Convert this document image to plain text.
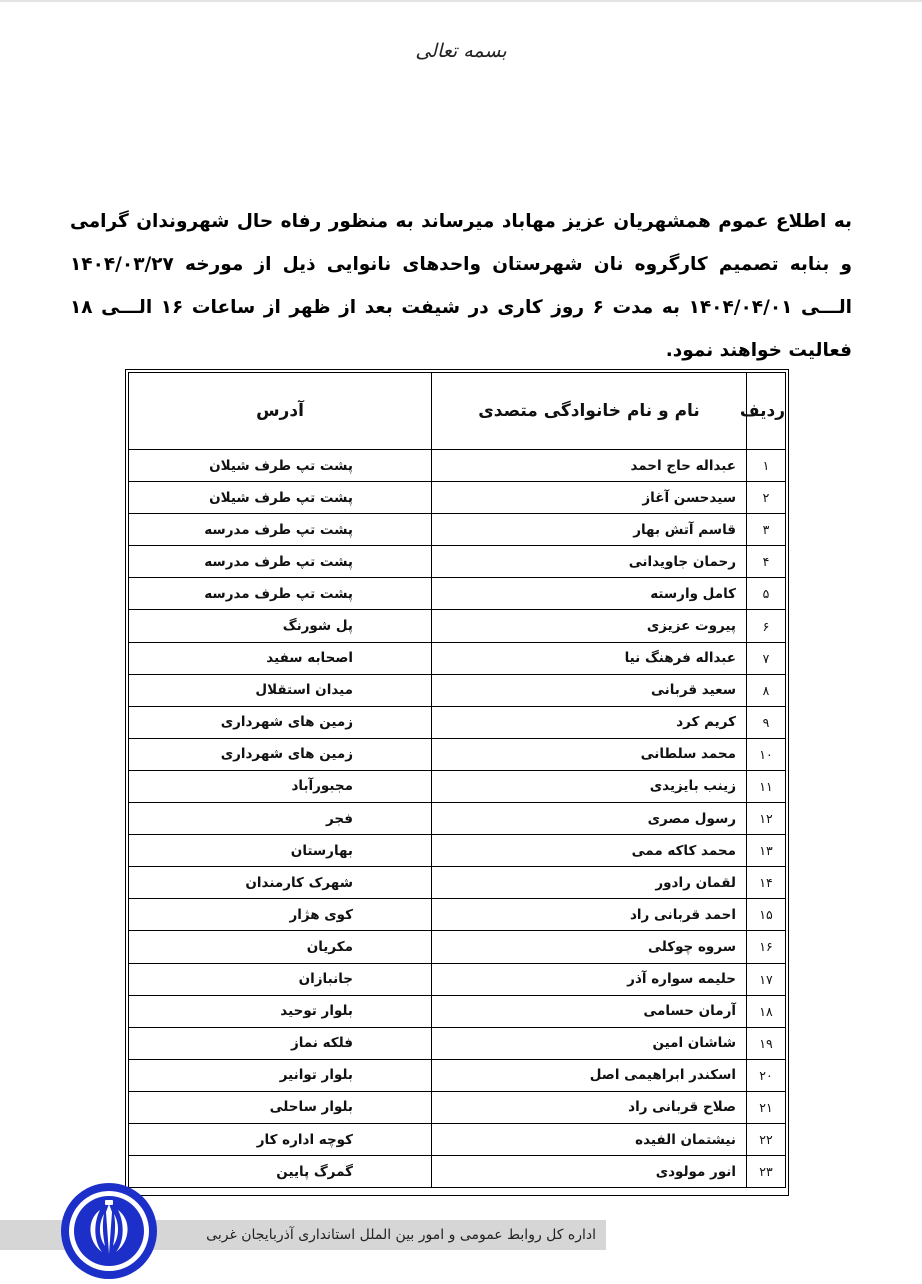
بسمه تعالی
به اطلاع عموم همشهریان عزیز مهاباد میرساند به منظور رفاه حال شهروندان گرامی و بنابه تصمیم کارگروه نان شهرستان واحدهای نانوایی ذیل از مورخه ۱۴۰۴/۰۳/۲۷ الـــی ۱۴۰۴/۰۴/۰۱ به مدت ۶ روز کاری در شیفت بعد از ظهر از ساعات ۱۶ الـــی ۱۸ فعالیت خواهند نمود.
ردیف	نام و نام خانوادگی متصدی	آدرس
۱	عبداله حاج احمد	پشت تپ طرف شیلان
۲	سیدحسن آغاز	پشت تپ طرف شیلان
۳	قاسم آتش بهار	پشت تپ طرف مدرسه
۴	رحمان جاویدانی	پشت تپ طرف مدرسه
۵	کامل وارسته	پشت تپ طرف مدرسه
۶	پیروت عزیزی	پل شورنگ
۷	عبداله فرهنگ نیا	اصحابه سفید
۸	سعید قربانی	میدان استقلال
۹	کریم کرد	زمین های شهرداری
۱۰	محمد سلطانی	زمین های شهرداری
۱۱	زینب بایزیدی	مجبورآباد
۱۲	رسول مصری	فجر
۱۳	محمد کاکه ممی	بهارستان
۱۴	لقمان رادور	شهرک کارمندان
۱۵	احمد قربانی راد	کوی هژار
۱۶	سروه چوکلی	مکریان
۱۷	حلیمه سواره آذر	جانبازان
۱۸	آرمان حسامی	بلوار توحید
۱۹	شاشان امین	فلکه نماز
۲۰	اسکندر ابراهیمی اصل	بلوار توانیر
۲۱	صلاح قربانی راد	بلوار ساحلی
۲۲	نیشتمان الفیده	کوچه اداره کار
۲۳	انور مولودی	گمرگ پایین
اداره کل روابط عمومی و امور بین الملل استانداری آذربایجان غربی
